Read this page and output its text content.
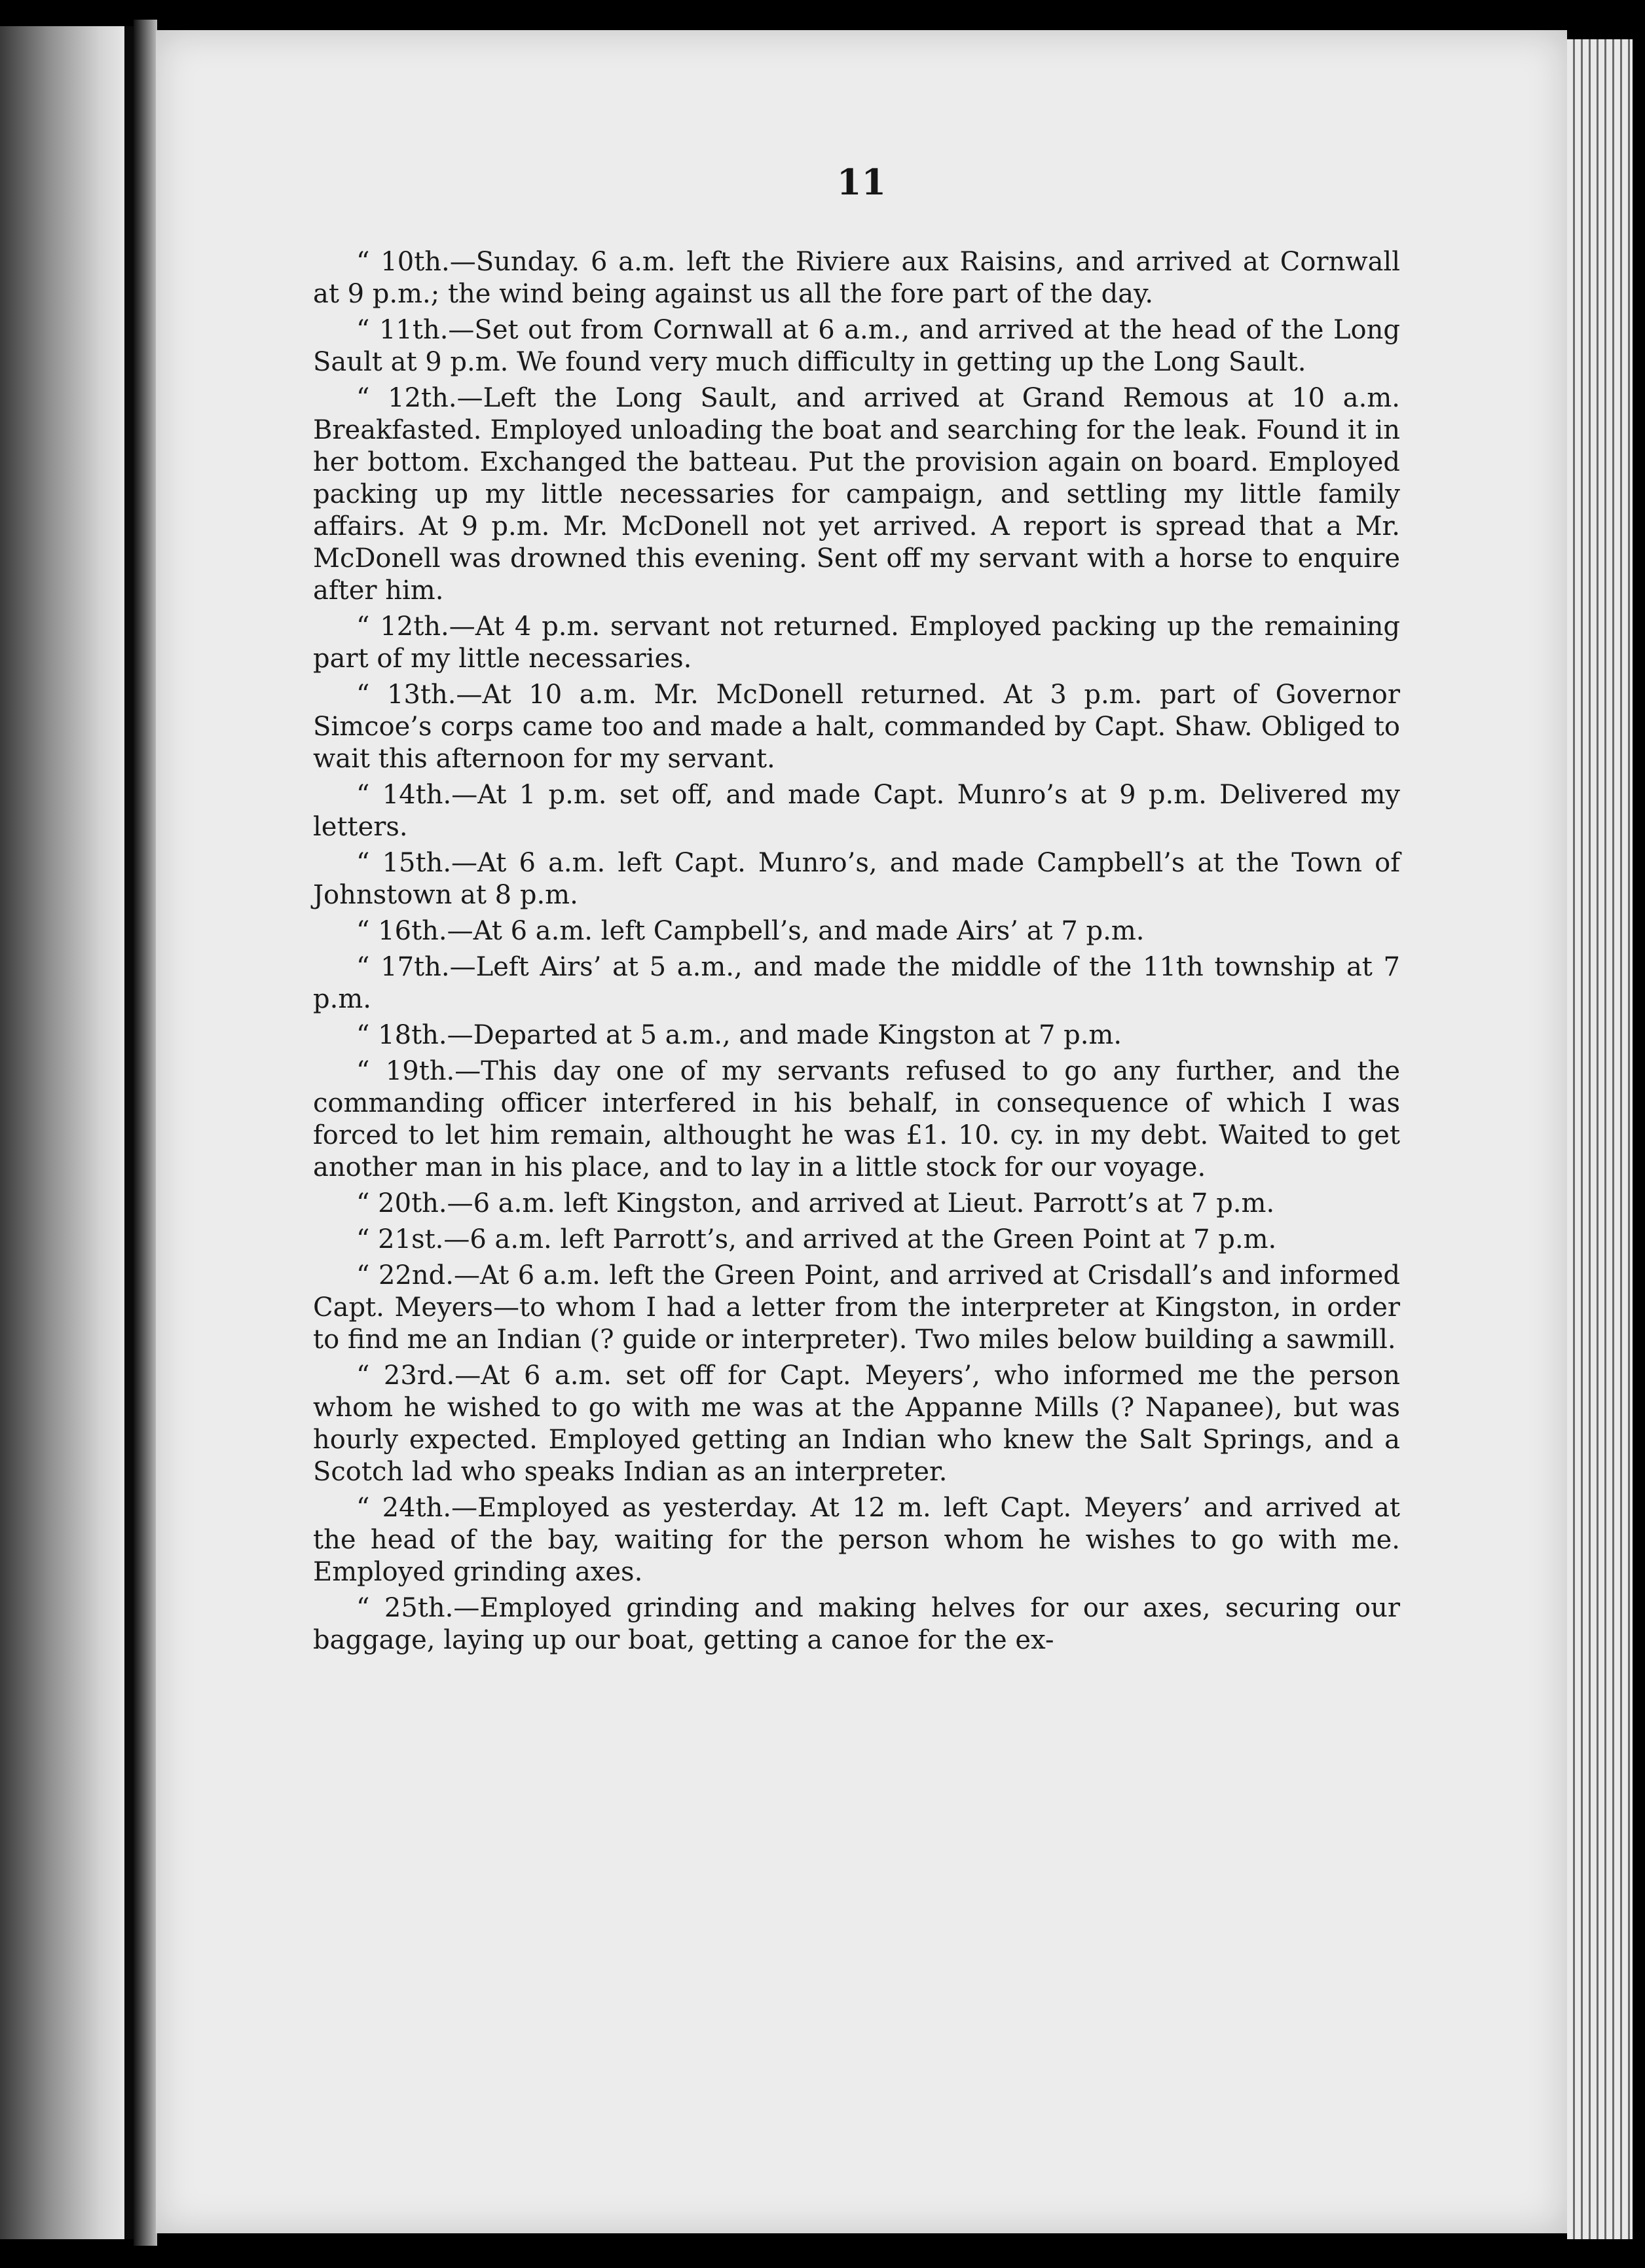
11

“ 10th.—Sunday. 6 a.m. left the Riviere aux Raisins, and arrived at Cornwall at 9 p.m.; the wind being against us all the fore part of the day.

“ 11th.—Set out from Cornwall at 6 a.m., and arrived at the head of the Long Sault at 9 p.m. We found very much difficulty in getting up the Long Sault.

“ 12th.—Left the Long Sault, and arrived at Grand Remous at 10 a.m. Breakfasted. Employed unloading the boat and searching for the leak. Found it in her bottom. Exchanged the batteau. Put the provision again on board. Employed packing up my little necessaries for campaign, and settling my little family affairs. At 9 p.m. Mr. McDonell not yet arrived. A report is spread that a Mr. McDonell was drowned this evening. Sent off my servant with a horse to enquire after him.

“ 12th.—At 4 p.m. servant not returned. Employed packing up the remaining part of my little necessaries.

“ 13th.—At 10 a.m. Mr. McDonell returned. At 3 p.m. part of Governor Simcoe’s corps came too and made a halt, commanded by Capt. Shaw. Obliged to wait this afternoon for my servant.

“ 14th.—At 1 p.m. set off, and made Capt. Munro’s at 9 p.m. Delivered my letters.

“ 15th.—At 6 a.m. left Capt. Munro’s, and made Campbell’s at the Town of Johnstown at 8 p.m.

“ 16th.—At 6 a.m. left Campbell’s, and made Airs’ at 7 p.m.

“ 17th.—Left Airs’ at 5 a.m., and made the middle of the 11th township at 7 p.m.

“ 18th.—Departed at 5 a.m., and made Kingston at 7 p.m.

“ 19th.—This day one of my servants refused to go any further, and the commanding officer interfered in his behalf, in consequence of which I was forced to let him remain, althought he was £1. 10. cy. in my debt. Waited to get another man in his place, and to lay in a little stock for our voyage.

“ 20th.—6 a.m. left Kingston, and arrived at Lieut. Parrott’s at 7 p.m.

“ 21st.—6 a.m. left Parrott’s, and arrived at the Green Point at 7 p.m.

“ 22nd.—At 6 a.m. left the Green Point, and arrived at Crisdall’s and informed Capt. Meyers—to whom I had a letter from the interpreter at Kingston, in order to find me an Indian (? guide or interpreter). Two miles below building a sawmill.

“ 23rd.—At 6 a.m. set off for Capt. Meyers’, who informed me the person whom he wished to go with me was at the Appanne Mills (? Napanee), but was hourly expected. Employed getting an Indian who knew the Salt Springs, and a Scotch lad who speaks Indian as an interpreter.

“ 24th.—Employed as yesterday. At 12 m. left Capt. Meyers’ and arrived at the head of the bay, waiting for the person whom he wishes to go with me. Employed grinding axes.

“ 25th.—Employed grinding and making helves for our axes, securing our baggage, laying up our boat, getting a canoe for the ex-
